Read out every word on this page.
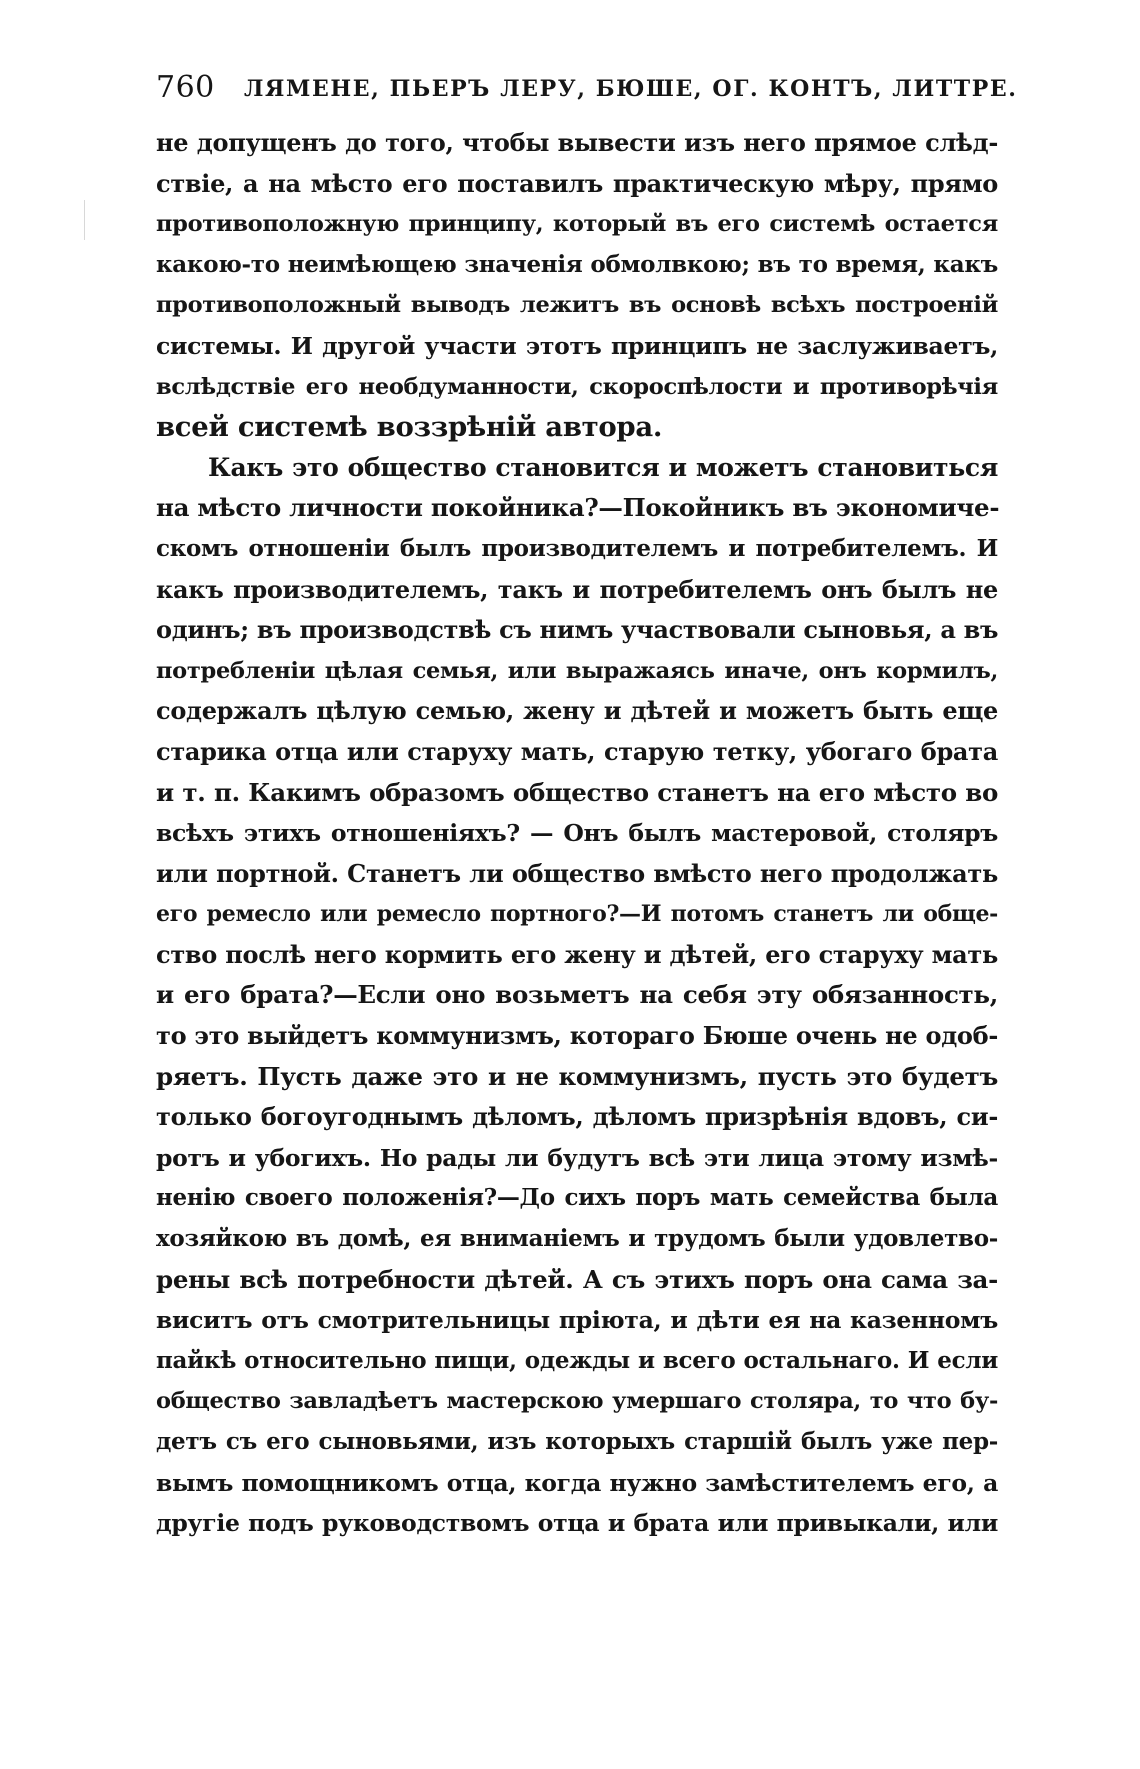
760 ЛЯМЕНЕ, ПЬЕРЪ ЛЕРУ, БЮШЕ, ОГ. КОНТЪ, ЛИТТРЕ.
не допущенъ до того, чтобы вывести изъ него прямое слѣд-
ствіе, а на мѣсто его поставилъ практическую мѣру, прямо
противоположную принципу, который въ его системѣ остается
какою-то неимѣющею значенія обмолвкою; въ то время, какъ
противоположный выводъ лежитъ въ основѣ всѣхъ построеній
системы. И другой участи этотъ принципъ не заслуживаетъ,
вслѣдствіе его необдуманности, скороспѣлости и противорѣчія
всей системѣ воззрѣній автора.
Какъ это общество становится и можетъ становиться
на мѣсто личности покойника?—Покойникъ въ экономиче-
скомъ отношеніи былъ производителемъ и потребителемъ. И
какъ производителемъ, такъ и потребителемъ онъ былъ не
одинъ; въ производствѣ съ нимъ участвовали сыновья, а въ
потребленіи цѣлая семья, или выражаясь иначе, онъ кормилъ,
содержалъ цѣлую семью, жену и дѣтей и можетъ быть еще
старика отца или старуху мать, старую тетку, убогаго брата
и т. п. Какимъ образомъ общество станетъ на его мѣсто во
всѣхъ этихъ отношеніяхъ? — Онъ былъ мастеровой, столяръ
или портной. Станетъ ли общество вмѣсто него продолжать
его ремесло или ремесло портного?—И потомъ станетъ ли обще-
ство послѣ него кормить его жену и дѣтей, его старуху мать
и его брата?—Если оно возьметъ на себя эту обязанность,
то это выйдетъ коммунизмъ, котораго Бюше очень не одоб-
ряетъ. Пусть даже это и не коммунизмъ, пусть это будетъ
только богоугоднымъ дѣломъ, дѣломъ призрѣнія вдовъ, си-
ротъ и убогихъ. Но рады ли будутъ всѣ эти лица этому измѣ-
ненію своего положенія?—До сихъ поръ мать семейства была
хозяйкою въ домѣ, ея вниманіемъ и трудомъ были удовлетво-
рены всѣ потребности дѣтей. А съ этихъ поръ она сама за-
виситъ отъ смотрительницы пріюта, и дѣти ея на казенномъ
пайкѣ относительно пищи, одежды и всего остальнаго. И если
общество завладѣетъ мастерскою умершаго столяра, то что бу-
детъ съ его сыновьями, изъ которыхъ старшій былъ уже пер-
вымъ помощникомъ отца, когда нужно замѣстителемъ его, а
другіе подъ руководствомъ отца и брата или привыкали, или
